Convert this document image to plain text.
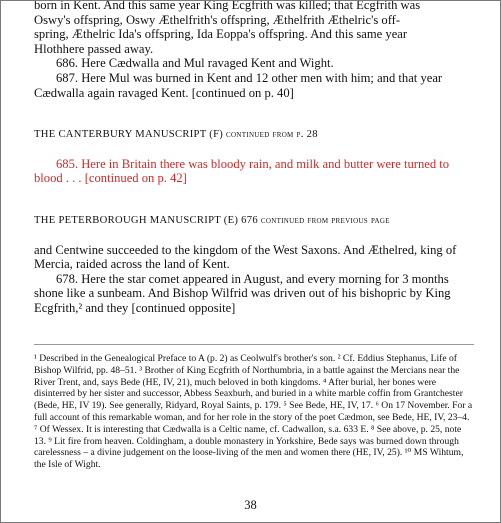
born in Kent. And this same year King Ecgfrith was killed; that Ecgfrith was

Oswy's offspring, Oswy Æthelfrith's offspring, Æthelfrith Æthelric's off-

spring, Æthelric Ida's offspring, Ida Eoppa's offspring. And this same year

Hlothhere passed away.

686. Here Cædwalla and Mul ravaged Kent and Wight.

687. Here Mul was burned in Kent and 12 other men with him; and that year Cædwalla again ravaged Kent. [continued on p. 40]

THE CANTERBURY MANUSCRIPT (F) continued from p. 28

685. Here in Britain there was bloody rain, and milk and butter were turned to blood . . . [continued on p. 42]

THE PETERBOROUGH MANUSCRIPT (E) 676 continued from previous page

and Centwine succeeded to the kingdom of the West Saxons. And Æthelred, king of Mercia, raided across the land of Kent.

678. Here the star comet appeared in August, and every morning for 3 months shone like a sunbeam. And Bishop Wilfrid was driven out of his bishopric by King Ecgfrith,² and they [continued opposite]

¹ Described in the Genealogical Preface to A (p. 2) as Ceolwulf's brother's son. ² Cf. Eddius Stephanus, Life of Bishop Wilfrid, pp. 48–51. ³ Brother of King Ecgfrith of Northumbria, in a battle against the Mercians near the River Trent, and, says Bede (HE, IV, 21), much beloved in both kingdoms. ⁴ After burial, her bones were disinterred by her sister and successor, Abbess Seaxburh, and buried in a white marble coffin from Grantchester (Bede, HE, IV 19). See generally, Ridyard, Royal Saints, p. 179. ⁵ See Bede, HE, IV, 17. ⁶ On 17 November. For a full account of this remarkable woman, and for her role in the story of the poet Cædmon, see Bede, HE, IV, 23–4. ⁷ Of Wessex. It is interesting that Cædwalla is a Celtic name, cf. Cadwallon, s.a. 633 E. ⁸ See above, p. 25, note 13. ⁹ Lit fire from heaven. Coldingham, a double monastery in Yorkshire, Bede says was burned down through carelessness – a divine judgement on the loose-living of the men and women there (HE, IV, 25). ¹⁰ MS Wihtum, the Isle of Wight.

38
